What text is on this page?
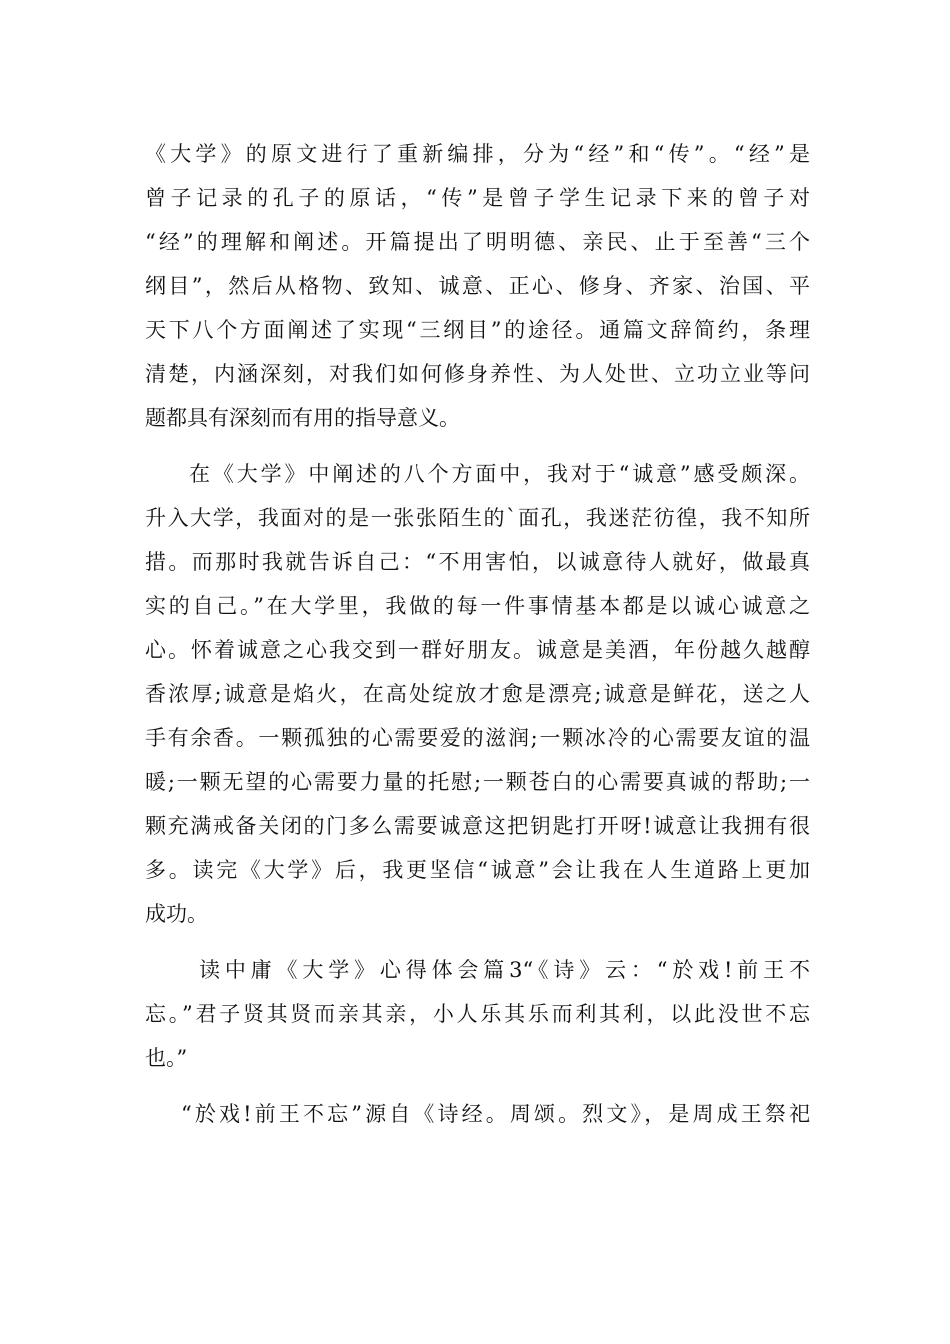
《大学》的原文进行了重新编排，分为“经”和“传”。“经”是
曾子记录的孔子的原话，“传”是曾子学生记录下来的曾子对
“经”的理解和阐述。开篇提出了明明德、亲民、止于至善“三个
纲目”，然后从格物、致知、诚意、正心、修身、齐家、治国、平
天下八个方面阐述了实现“三纲目”的途径。通篇文辞简约，条理
清楚，内涵深刻，对我们如何修身养性、为人处世、立功立业等问
题都具有深刻而有用的指导意义。
在《大学》中阐述的八个方面中，我对于“诚意”感受颇深。
升入大学，我面对的是一张张陌生的`面孔，我迷茫彷徨，我不知所
措。而那时我就告诉自己：“不用害怕，以诚意待人就好，做最真
实的自己。”在大学里，我做的每一件事情基本都是以诚心诚意之
心。怀着诚意之心我交到一群好朋友。诚意是美酒，年份越久越醇
香浓厚;诚意是焰火，在高处绽放才愈是漂亮;诚意是鲜花，送之人
手有余香。一颗孤独的心需要爱的滋润;一颗冰冷的心需要友谊的温
暖;一颗无望的心需要力量的托慰;一颗苍白的心需要真诚的帮助;一
颗充满戒备关闭的门多么需要诚意这把钥匙打开呀!诚意让我拥有很
多。读完《大学》后，我更坚信“诚意”会让我在人生道路上更加
成功。
读中庸《大学》心得体会篇3“《诗》云：“於戏!前王不
忘。”君子贤其贤而亲其亲，小人乐其乐而利其利，以此没世不忘
也。”
“於戏!前王不忘”源自《诗经。周颂。烈文》，是周成王祭祀
